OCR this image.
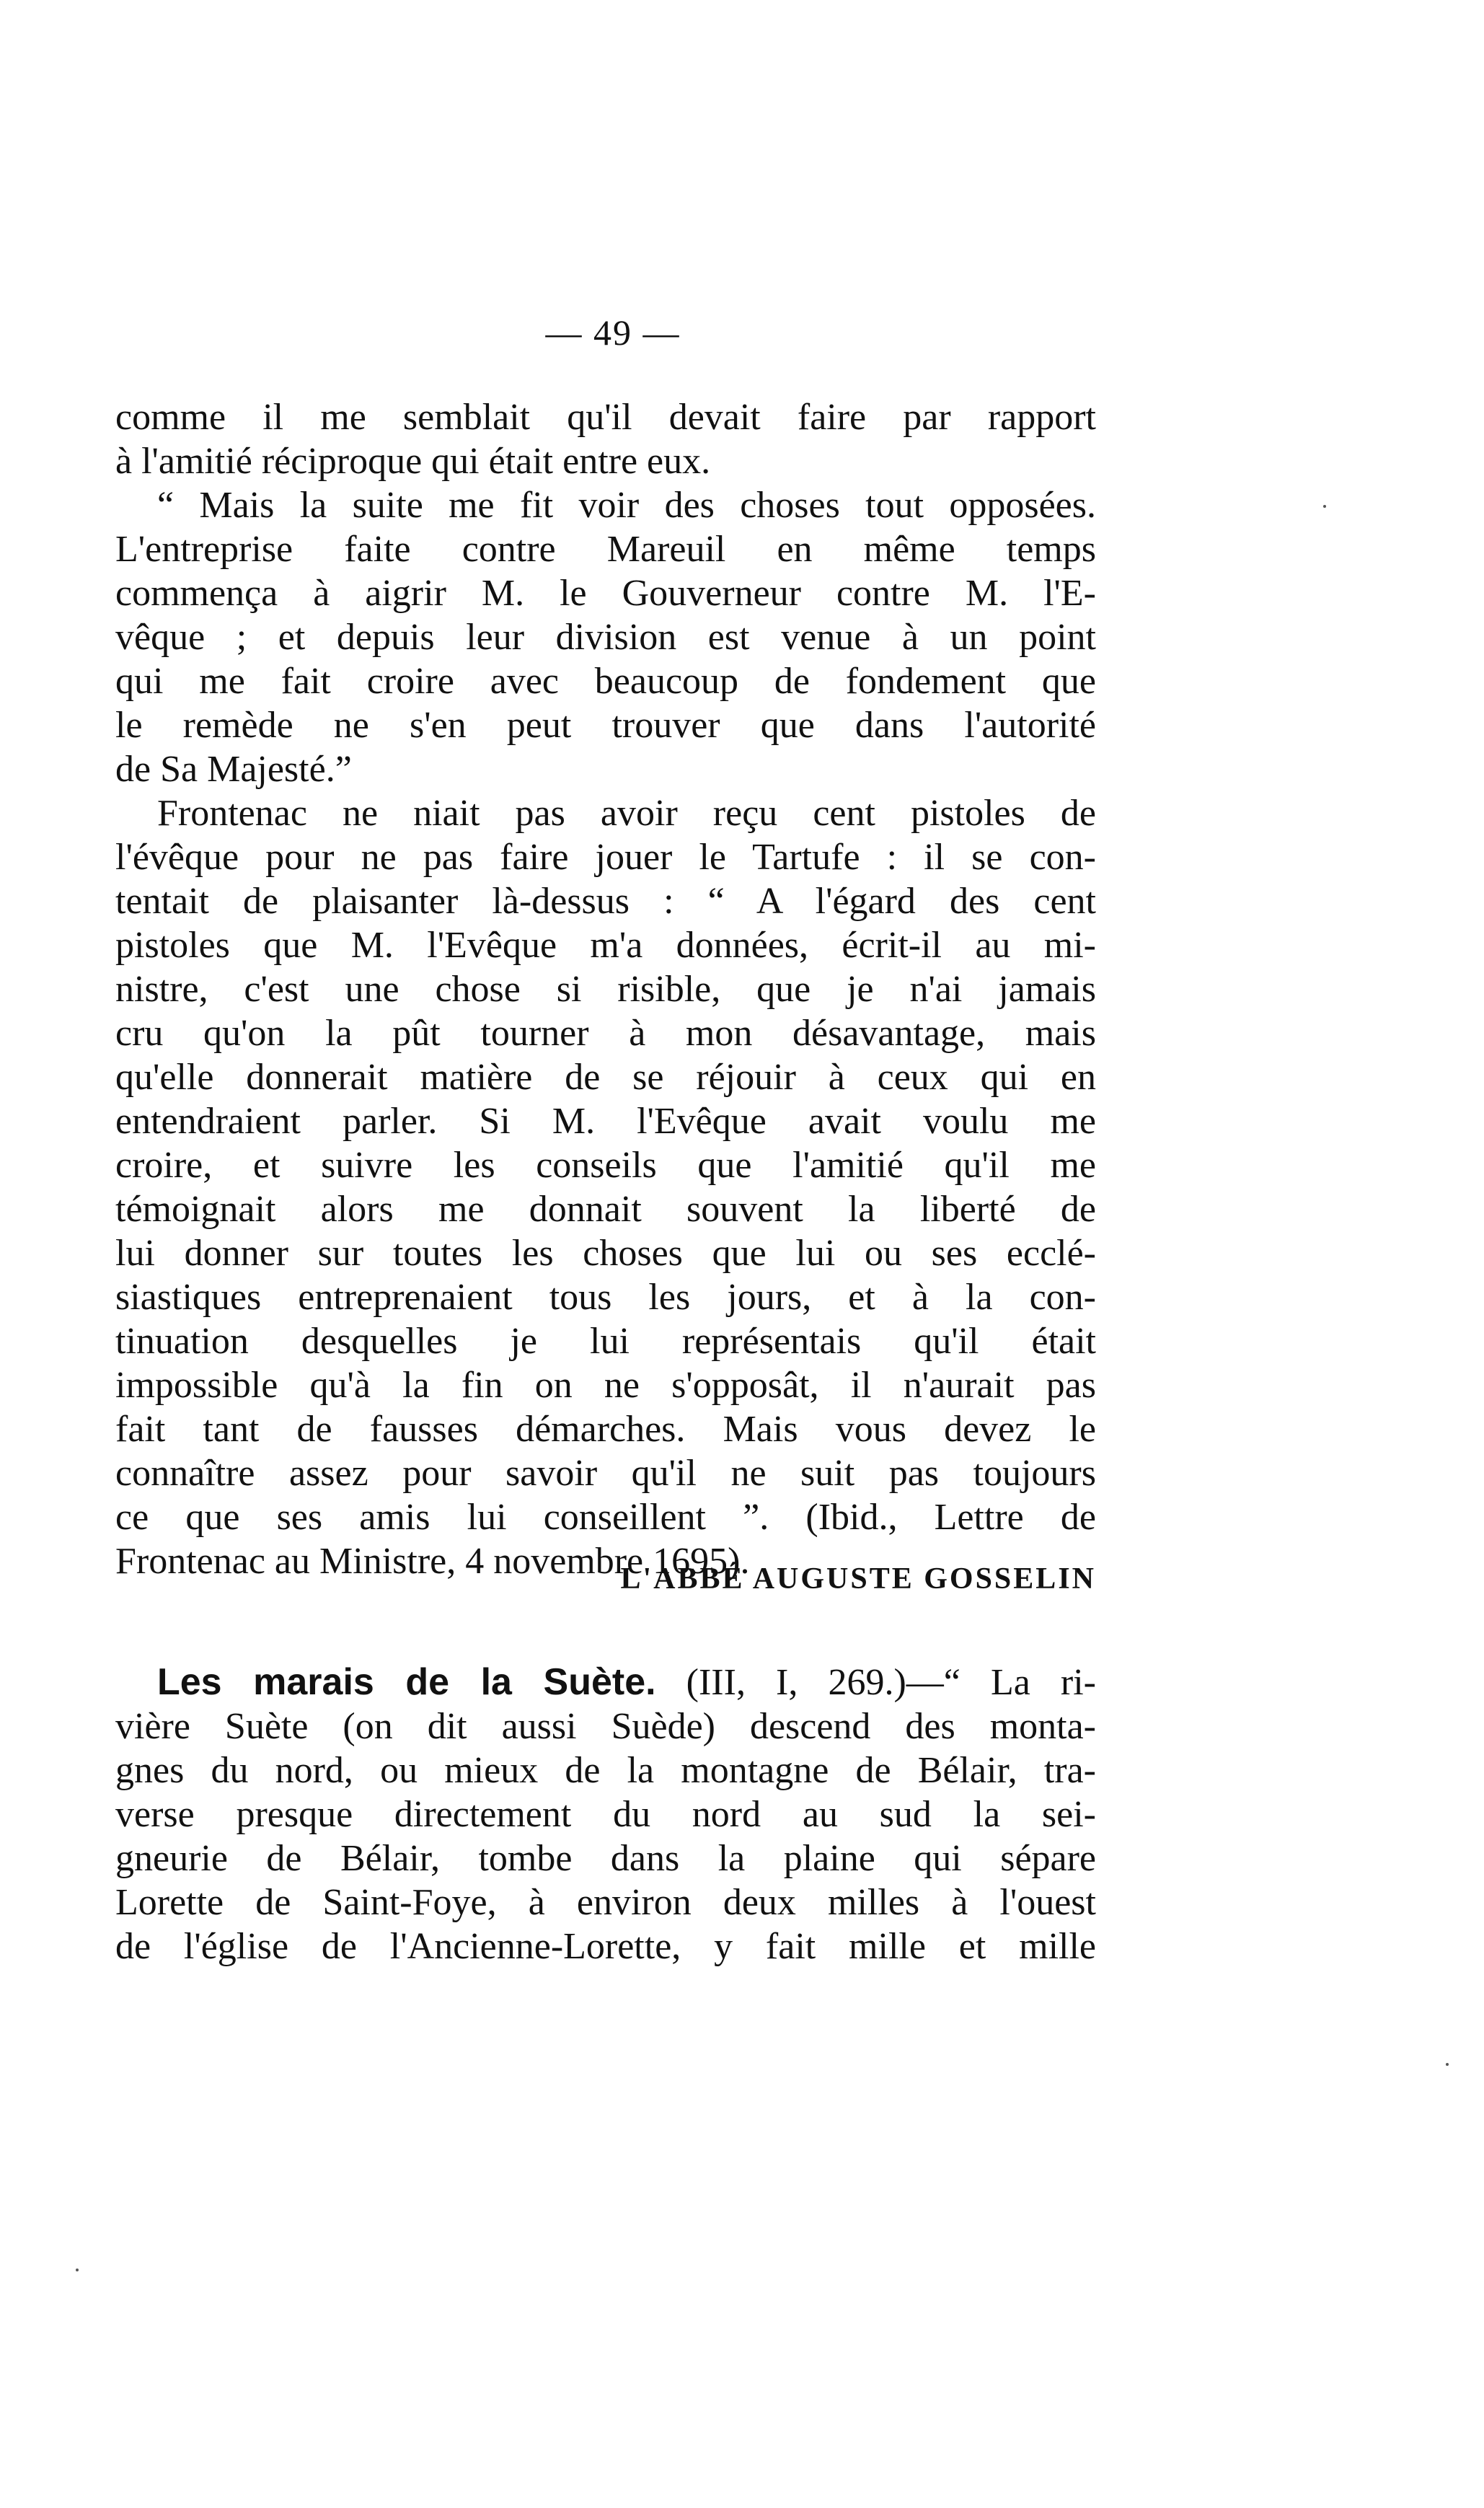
— 49 —
comme il me semblait qu'il devait faire par rapport
à l'amitié réciproque qui était entre eux.
“ Mais la suite me fit voir des choses tout opposées.
L'entreprise faite contre Mareuil en même temps
commença à aigrir M. le Gouverneur contre M. l'E-
vêque ; et depuis leur division est venue à un point
qui me fait croire avec beaucoup de fondement que
le remède ne s'en peut trouver que dans l'autorité
de Sa Majesté.”
Frontenac ne niait pas avoir reçu cent pistoles de
l'évêque pour ne pas faire jouer le Tartufe : il se con-
tentait de plaisanter là-dessus : “ A l'égard des cent
pistoles que M. l'Evêque m'a données, écrit-il au mi-
nistre, c'est une chose si risible, que je n'ai jamais
cru qu'on la pût tourner à mon désavantage, mais
qu'elle donnerait matière de se réjouir à ceux qui en
entendraient parler. Si M. l'Evêque avait voulu me
croire, et suivre les conseils que l'amitié qu'il me
témoignait alors me donnait souvent la liberté de
lui donner sur toutes les choses que lui ou ses ecclé-
siastiques entreprenaient tous les jours, et à la con-
tinuation desquelles je lui représentais qu'il était
impossible qu'à la fin on ne s'opposât, il n'aurait pas
fait tant de fausses démarches. Mais vous devez le
connaître assez pour savoir qu'il ne suit pas toujours
ce que ses amis lui conseillent ”. (Ibid., Lettre de
Frontenac au Ministre, 4 novembre 1695).
L'ABBÉ AUGUSTE GOSSELIN
Les marais de la Suète. (III, I, 269.)—“ La ri-
vière Suète (on dit aussi Suède) descend des monta-
gnes du nord, ou mieux de la montagne de Bélair, tra-
verse presque directement du nord au sud la sei-
gneurie de Bélair, tombe dans la plaine qui sépare
Lorette de Saint-Foye, à environ deux milles à l'ouest
de l'église de l'Ancienne-Lorette, y fait mille et mille
